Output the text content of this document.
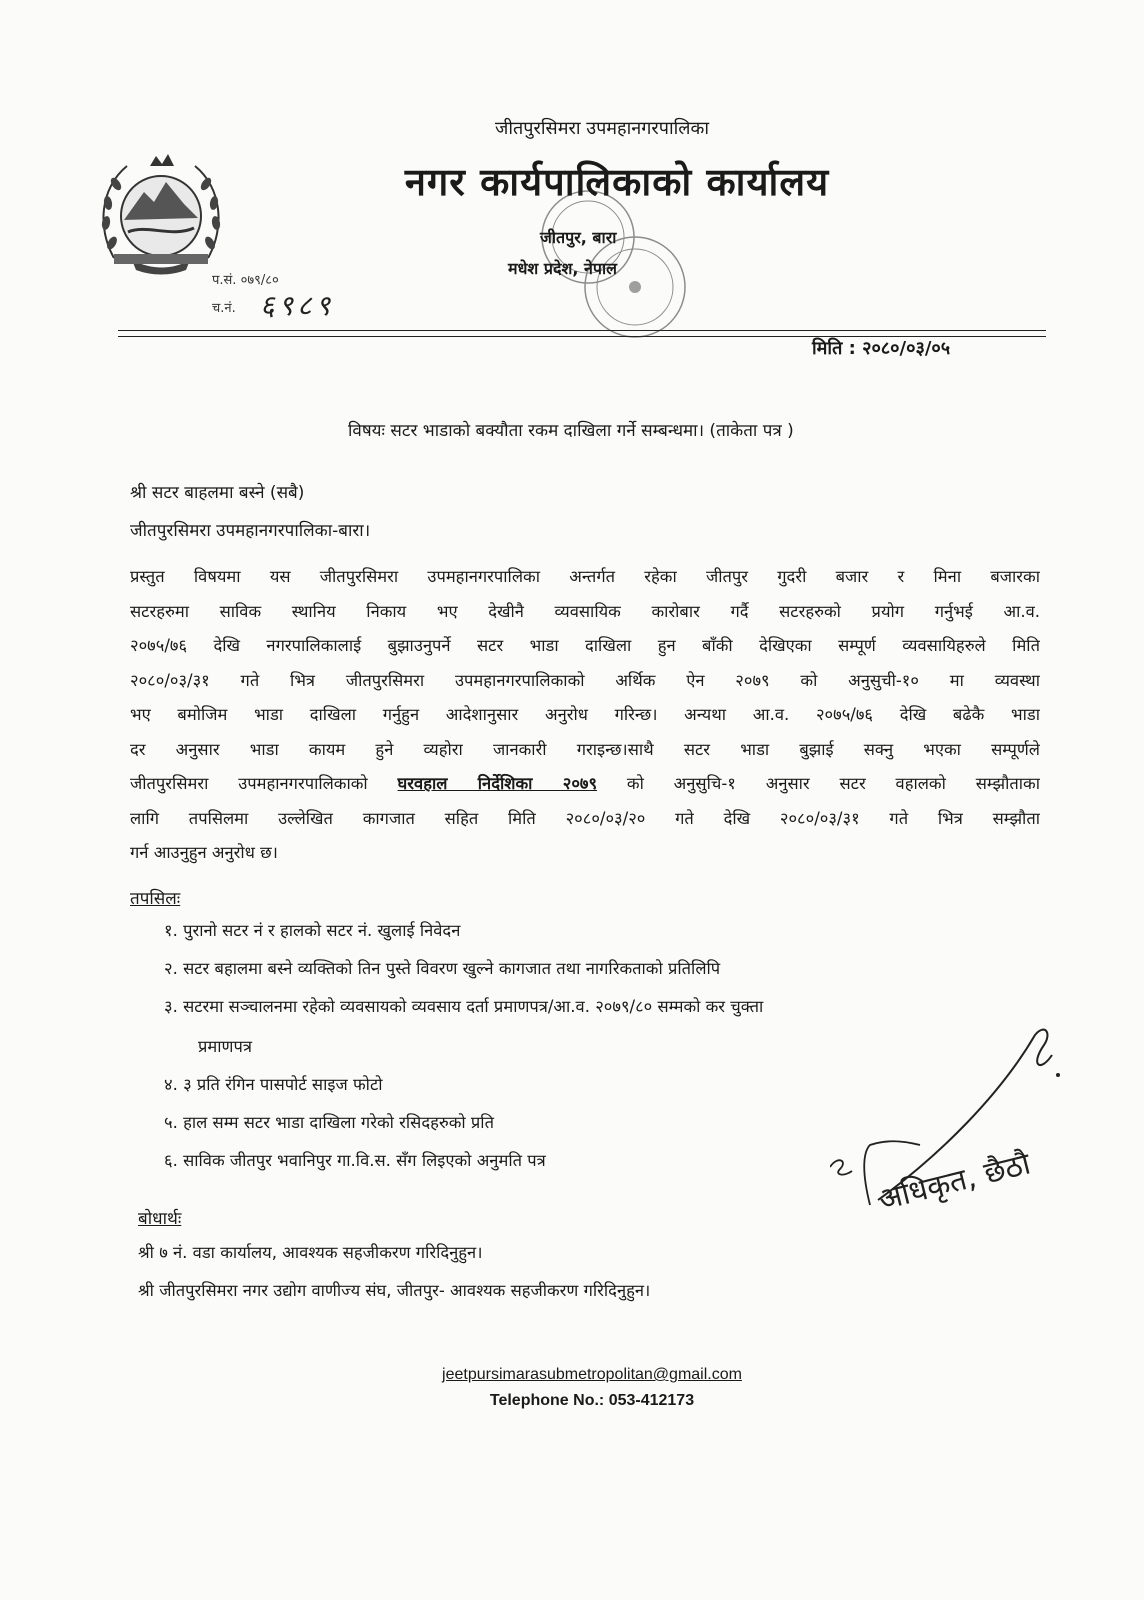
जीतपुरसिमरा उपमहानगरपालिका
नगर कार्यपालिकाको कार्यालय
जीतपुर, बारा
मधेश प्रदेश, नेपाल
प.सं. ०७९/८०
च.नं. ६९८९
मिति : २०८०/०३/०५
विषयः सटर भाडाको बक्यौता रकम दाखिला गर्ने सम्बन्धमा। (ताकेता पत्र )
श्री सटर बाहलमा बस्ने (सबै)
जीतपुरसिमरा उपमहानगरपालिका-बारा।
प्रस्तुत विषयमा यस जीतपुरसिमरा उपमहानगरपालिका अन्तर्गत रहेका जीतपुर गुदरी बजार र मिना बजारका
सटरहरुमा साविक स्थानिय निकाय भए देखीनै व्यवसायिक कारोबार गर्दै सटरहरुको प्रयोग गर्नुभई आ.व.
२०७५/७६ देखि नगरपालिकालाई बुझाउनुपर्ने सटर भाडा दाखिला हुन बाँकी देखिएका सम्पूर्ण व्यवसायिहरुले मिति
२०८०/०३/३१ गते भित्र जीतपुरसिमरा उपमहानगरपालिकाको अर्थिक ऐन २०७९ को अनुसुची-१० मा व्यवस्था
भए बमोजिम भाडा दाखिला गर्नुहुन आदेशानुसार अनुरोध गरिन्छ। अन्यथा आ.व. २०७५/७६ देखि बढेकै भाडा
दर अनुसार भाडा कायम हुने व्यहोरा जानकारी गराइन्छ।साथै सटर भाडा बुझाई सक्नु भएका सम्पूर्णले
जीतपुरसिमरा उपमहानगरपालिकाको घरवहाल निर्देशिका २०७९ को अनुसुचि-१ अनुसार सटर वहालको सम्झौताका
लागि तपसिलमा उल्लेखित कागजात सहित मिति २०८०/०३/२० गते देखि २०८०/०३/३१ गते भित्र सम्झौता
गर्न आउनुहुन अनुरोध छ।
तपसिलः
१. पुरानो सटर नं र हालको सटर नं. खुलाई निवेदन
२. सटर बहालमा बस्ने व्यक्तिको तिन पुस्ते विवरण खुल्ने कागजात तथा नागरिकताको प्रतिलिपि
३. सटरमा सञ्चालनमा रहेको व्यवसायको व्यवसाय दर्ता प्रमाणपत्र/आ.व. २०७९/८० सम्मको कर चुक्ता
प्रमाणपत्र
४. ३ प्रति रंगिन पासपोर्ट साइज फोटो
५. हाल सम्म सटर भाडा दाखिला गरेको रसिदहरुको प्रति
६. साविक जीतपुर भवानिपुर गा.वि.स. सँग लिइएको अनुमति पत्र	अधिकृत, छैठौ
बोधार्थः
श्री ७ नं. वडा कार्यालय, आवश्यक सहजीकरण गरिदिनुहुन।
श्री जीतपुरसिमरा नगर उद्योग वाणीज्य संघ, जीतपुर- आवश्यक सहजीकरण गरिदिनुहुन।
jeetpursimarasubmetropolitan@gmail.com
Telephone No.: 053-412173
